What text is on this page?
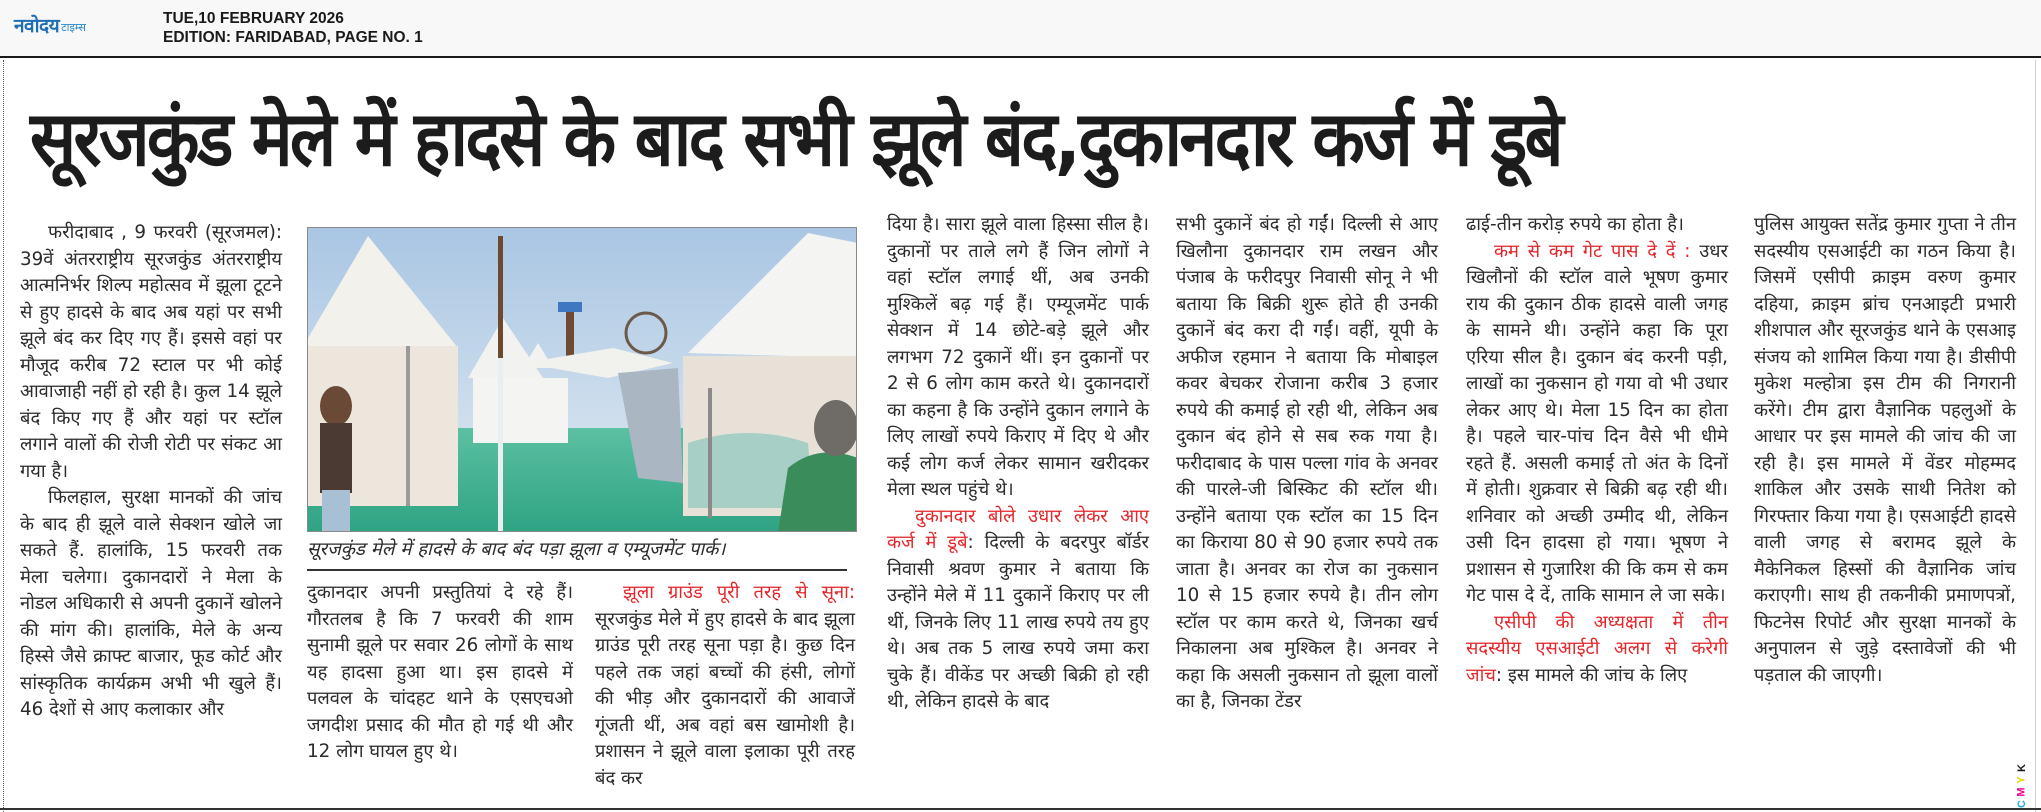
नवोदय टाइम्स
TUE,10 FEBRUARY 2026
EDITION: FARIDABAD, PAGE NO. 1
सूरजकुंड मेले में हादसे के बाद सभी झूले बंद,दुकानदार कर्ज में डूबे

फरीदाबाद , 9 फरवरी (सूरजमल): 39वें अंतरराष्ट्रीय सूरजकुंड अंतरराष्ट्रीय आत्मनिर्भर शिल्प महोत्सव में झूला टूटने से हुए हादसे के बाद अब यहां पर सभी झूले बंद कर दिए गए हैं। इससे वहां पर मौजूद करीब 72 स्टाल पर भी कोई आवाजाही नहीं हो रही है। कुल 14 झूले बंद किए गए हैं और यहां पर स्टॉल लगाने वालों की रोजी रोटी पर संकट आ गया है।

फिलहाल, सुरक्षा मानकों की जांच के बाद ही झूले वाले सेक्शन खोले जा सकते हैं. हालांकि, 15 फरवरी तक मेला चलेगा। दुकानदारों ने मेला के नोडल अधिकारी से अपनी दुकानें खोलने की मांग की। हालांकि, मेले के अन्य हिस्से जैसे क्राफ्ट बाजार, फूड कोर्ट और सांस्कृतिक कार्यक्रम अभी भी खुले हैं।46 देशों से आए कलाकार और

सूरजकुंड मेले में हादसे के बाद बंद पड़ा झूला व एम्यूजमेंट पार्क।

दुकानदार अपनी प्रस्तुतियां दे रहे हैं। गौरतलब है कि 7 फरवरी की शाम सुनामी झूले पर सवार 26 लोगों के साथ यह हादसा हुआ था। इस हादसे में पलवल के चांदहट थाने के एसएचओ जगदीश प्रसाद की मौत हो गई थी और 12 लोग घायल हुए थे।

झूला ग्राउंड पूरी तरह से सूना: सूरजकुंड मेले में हुए हादसे के बाद झूला ग्राउंड पूरी तरह सूना पड़ा है। कुछ दिन पहले तक जहां बच्चों की हंसी, लोगों की भीड़ और दुकानदारों की आवाजें गूंजती थीं, अब वहां बस खामोशी है। प्रशासन ने झूले वाला इलाका पूरी तरह बंद कर

दिया है। सारा झूले वाला हिस्सा सील है। दुकानों पर ताले लगे हैं जिन लोगों ने वहां स्टॉल लगाई थीं, अब उनकी मुश्किलें बढ़ गई हैं। एम्यूजमेंट पार्क सेक्शन में 14 छोटे-बड़े झूले और लगभग 72 दुकानें थीं। इन दुकानों पर 2 से 6 लोग काम करते थे। दुकानदारों का कहना है कि उन्होंने दुकान लगाने के लिए लाखों रुपये किराए में दिए थे और कई लोग कर्ज लेकर सामान खरीदकर मेला स्थल पहुंचे थे।

दुकानदार बोले उधार लेकर आए कर्ज में डूबे: दिल्ली के बदरपुर बॉर्डर निवासी श्रवण कुमार ने बताया कि उन्होंने मेले में 11 दुकानें किराए पर ली थीं, जिनके लिए 11 लाख रुपये तय हुए थे। अब तक 5 लाख रुपये जमा करा चुके हैं। वीकेंड पर अच्छी बिक्री हो रही थी, लेकिन हादसे के बाद

सभी दुकानें बंद हो गईं। दिल्ली से आए खिलौना दुकानदार राम लखन और पंजाब के फरीदपुर निवासी सोनू ने भी बताया कि बिक्री शुरू होते ही उनकी दुकानें बंद करा दी गईं। वहीं, यूपी के अफीज रहमान ने बताया कि मोबाइल कवर बेचकर रोजाना करीब 3 हजार रुपये की कमाई हो रही थी, लेकिन अब दुकान बंद होने से सब रुक गया है। फरीदाबाद के पास पल्ला गांव के अनवर की पारले-जी बिस्किट की स्टॉल थी। उन्होंने बताया एक स्टॉल का 15 दिन का किराया 80 से 90 हजार रुपये तक जाता है। अनवर का रोज का नुकसान 10 से 15 हजार रुपये है। तीन लोग स्टॉल पर काम करते थे, जिनका खर्च निकालना अब मुश्किल है। अनवर ने कहा कि असली नुकसान तो झूला वालों का है, जिनका टेंडर

ढाई-तीन करोड़ रुपये का होता है।

कम से कम गेट पास दे दें : उधर खिलौनों की स्टॉल वाले भूषण कुमार राय की दुकान ठीक हादसे वाली जगह के सामने थी। उन्होंने कहा कि पूरा एरिया सील है। दुकान बंद करनी पड़ी, लाखों का नुकसान हो गया वो भी उधार लेकर आए थे। मेला 15 दिन का होता है। पहले चार-पांच दिन वैसे भी धीमे रहते हैं. असली कमाई तो अंत के दिनों में होती। शुक्रवार से बिक्री बढ़ रही थी। शनिवार को अच्छी उम्मीद थी, लेकिन उसी दिन हादसा हो गया। भूषण ने प्रशासन से गुजारिश की कि कम से कम गेट पास दे दें, ताकि सामान ले जा सके।

एसीपी की अध्यक्षता में तीन सदस्यीय एसआईटी अलग से करेगी जांच: इस मामले की जांच के लिए

पुलिस आयुक्त सतेंद्र कुमार गुप्ता ने तीन सदस्यीय एसआईटी का गठन किया है। जिसमें एसीपी क्राइम वरुण कुमार दहिया, क्राइम ब्रांच एनआइटी प्रभारी शीशपाल और सूरजकुंड थाने के एसआइ संजय को शामिल किया गया है। डीसीपी मुकेश मल्होत्रा इस टीम की निगरानी करेंगे। टीम द्वारा वैज्ञानिक पहलुओं के आधार पर इस मामले की जांच की जा रही है। इस मामले में वेंडर मोहम्मद शाकिल और उसके साथी नितेश को गिरफ्तार किया गया है। एसआईटी हादसे वाली जगह से बरामद झूले के मैकेनिकल हिस्सों की वैज्ञानिक जांच कराएगी। साथ ही तकनीकी प्रमाणपत्रों, फिटनेस रिपोर्ट और सुरक्षा मानकों के अनुपालन से जुड़े दस्तावेजों की भी पड़ताल की जाएगी।

C
M
Y
K
